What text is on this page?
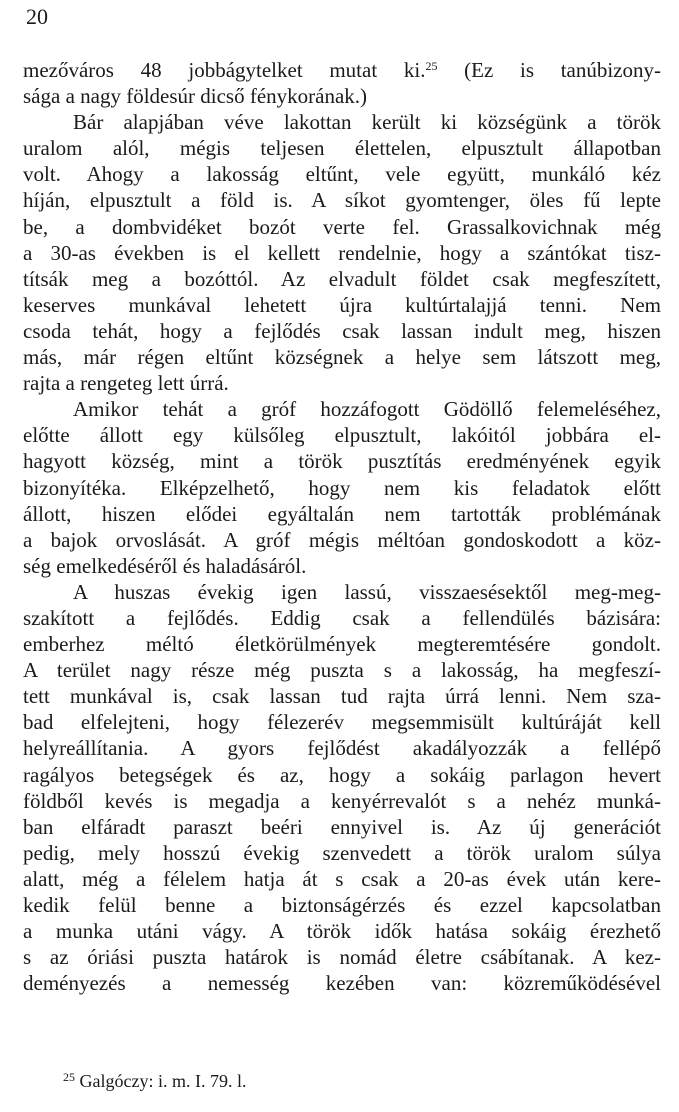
20
mezőváros 48 jobbágytelket mutat ki.$^{25}$ (Ez is tanúbizony-
sága a nagy földesúr dicső fénykorának.)
Bár alapjában véve lakottan került ki községünk a török
uralom alól, mégis teljesen élettelen, elpusztult állapotban
volt. Ahogy a lakosság eltűnt, vele együtt, munkáló kéz
híján, elpusztult a föld is. A síkot gyomtenger, öles fű lepte
be, a dombvidéket bozót verte fel. Grassalkovichnak még
a 30-as években is el kellett rendelnie, hogy a szántókat tisz-
títsák meg a bozóttól. Az elvadult földet csak megfeszített,
keserves munkával lehetett újra kultúrtalajjá tenni. Nem
csoda tehát, hogy a fejlődés csak lassan indult meg, hiszen
más, már régen eltűnt községnek a helye sem látszott meg,
rajta a rengeteg lett úrrá.
Amikor tehát a gróf hozzáfogott Gödöllő felemeléséhez,
előtte állott egy külsőleg elpusztult, lakóitól jobbára el-
hagyott község, mint a török pusztítás eredményének egyik
bizonyítéka. Elképzelhető, hogy nem kis feladatok előtt
állott, hiszen elődei egyáltalán nem tartották problémának
a bajok orvoslását. A gróf mégis méltóan gondoskodott a köz-
ség emelkedéséről és haladásáról.
A huszas évekig igen lassú, visszaesésektől meg-meg-
szakított a fejlődés. Eddig csak a fellendülés bázisára:
emberhez méltó életkörülmények megteremtésére gondolt.
A terület nagy része még puszta s a lakosság, ha megfeszí-
tett munkával is, csak lassan tud rajta úrrá lenni. Nem sza-
bad elfelejteni, hogy félezerév megsemmisült kultúráját kell
helyreállítania. A gyors fejlődést akadályozzák a fellépő
ragályos betegségek és az, hogy a sokáig parlagon hevert
földből kevés is megadja a kenyérrevalót s a nehéz munká-
ban elfáradt paraszt beéri ennyivel is. Az új generációt
pedig, mely hosszú évekig szenvedett a török uralom súlya
alatt, még a félelem hatja át s csak a 20-as évek után kere-
kedik felül benne a biztonságérzés és ezzel kapcsolatban
a munka utáni vágy. A török idők hatása sokáig érezhető
s az óriási puszta határok is nomád életre csábítanak. A kez-
deményezés a nemesség kezében van: közreműködésével
$^{25}$ Galgóczy: i. m. I. 79. l.
